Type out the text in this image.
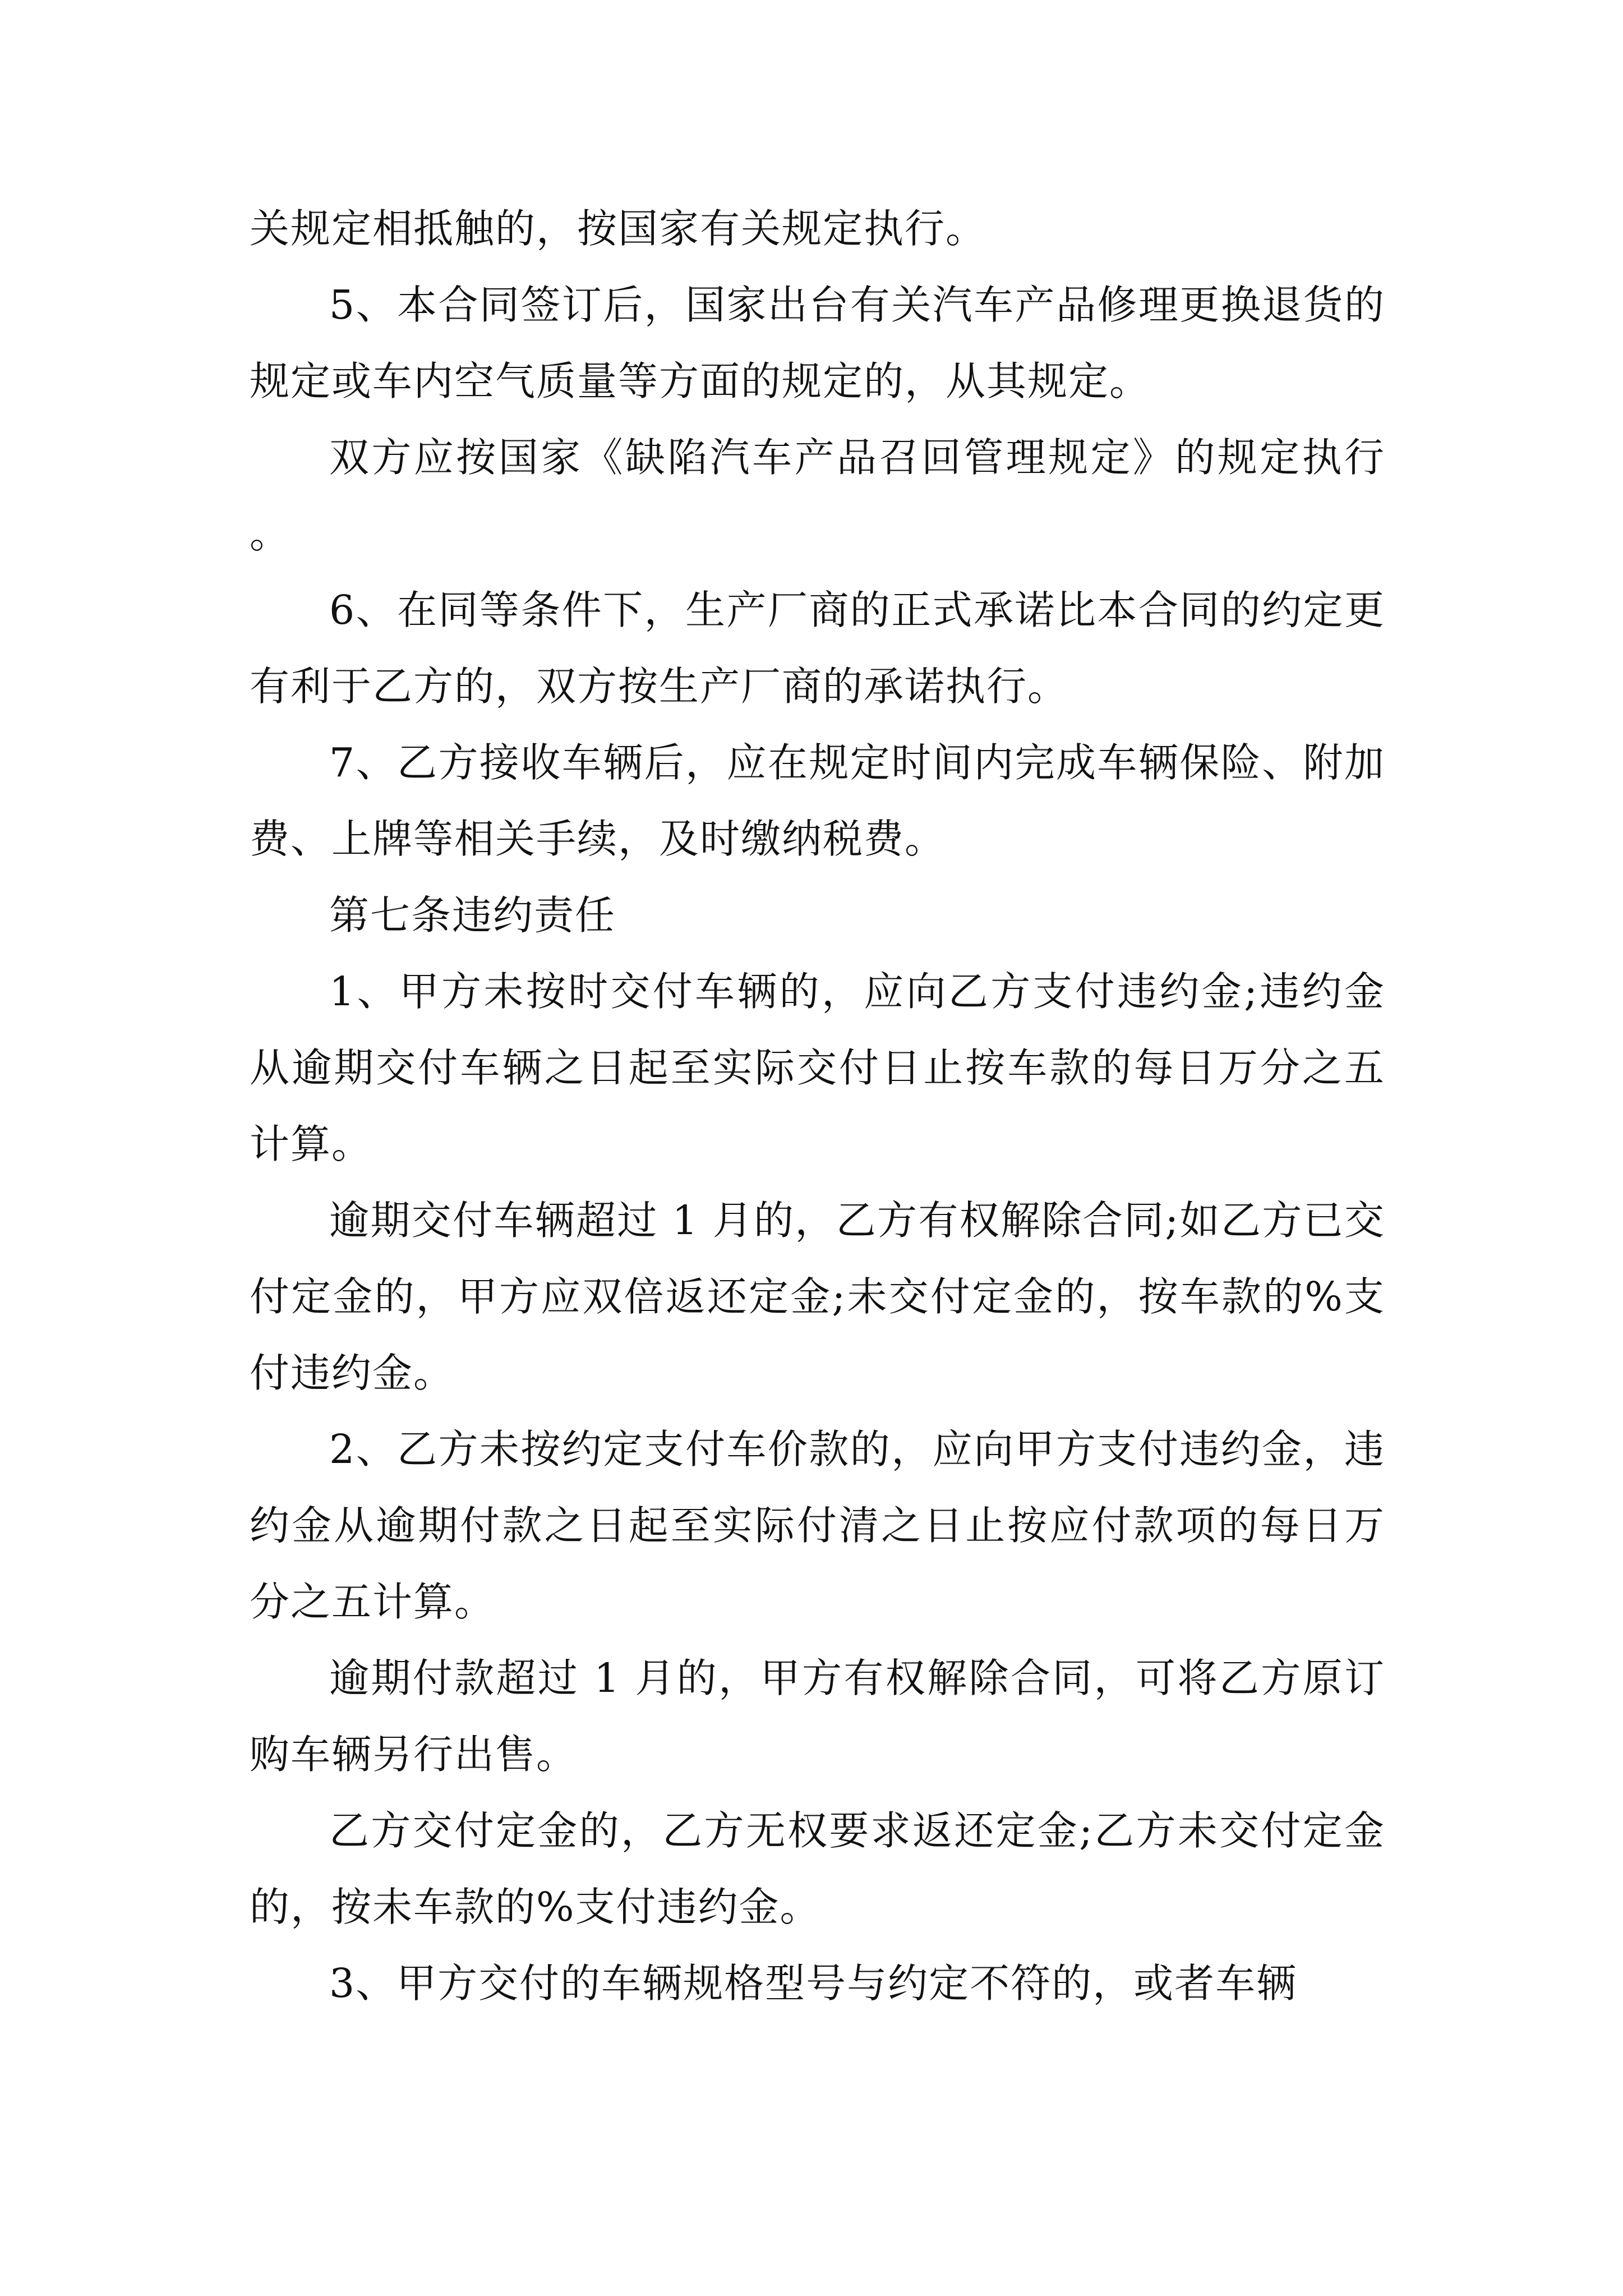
关规定相抵触的，按国家有关规定执行。

5、本合同签订后，国家出台有关汽车产品修理更换退货的规定或车内空气质量等方面的规定的，从其规定。

双方应按国家《缺陷汽车产品召回管理规定》的规定执行。

6、在同等条件下，生产厂商的正式承诺比本合同的约定更有利于乙方的，双方按生产厂商的承诺执行。

7、乙方接收车辆后，应在规定时间内完成车辆保险、附加费、上牌等相关手续，及时缴纳税费。

第七条违约责任

1、甲方未按时交付车辆的，应向乙方支付违约金;违约金从逾期交付车辆之日起至实际交付日止按车款的每日万分之五计算。

逾期交付车辆超过 1 月的，乙方有权解除合同;如乙方已交付定金的，甲方应双倍返还定金;未交付定金的，按车款的%支付违约金。

2、乙方未按约定支付车价款的，应向甲方支付违约金，违约金从逾期付款之日起至实际付清之日止按应付款项的每日万分之五计算。

逾期付款超过 1 月的，甲方有权解除合同，可将乙方原订购车辆另行出售。

乙方交付定金的，乙方无权要求返还定金;乙方未交付定金的，按未车款的%支付违约金。

3、甲方交付的车辆规格型号与约定不符的，或者车辆
